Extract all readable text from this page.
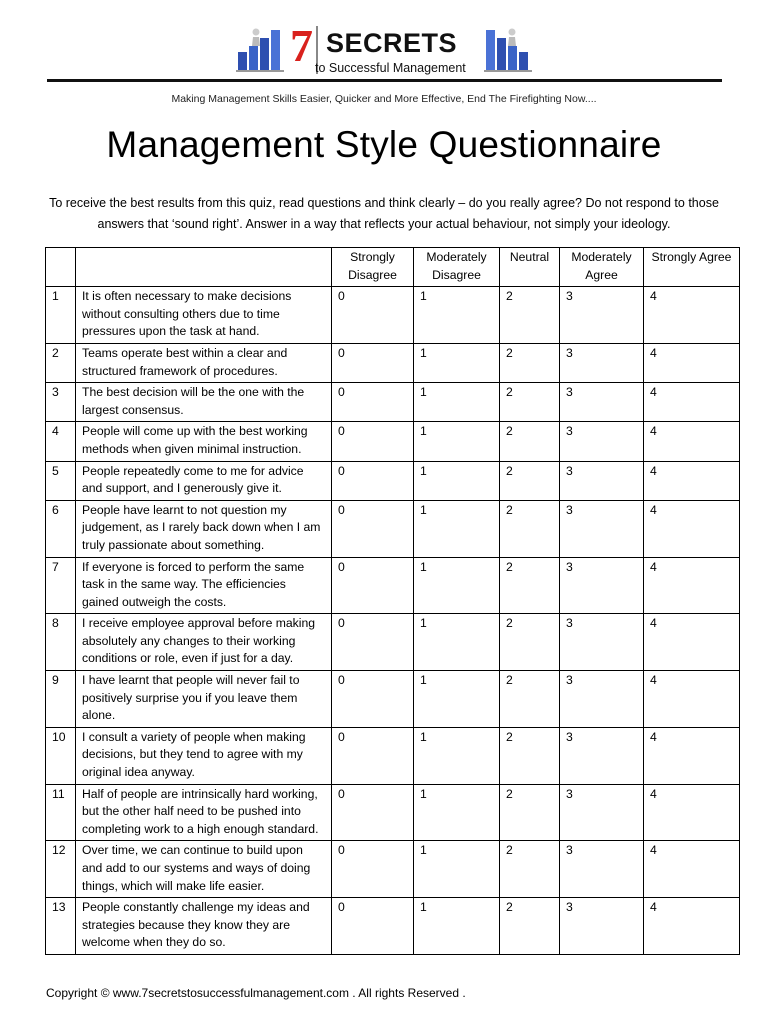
7 SECRETS
to Successful Management
Making Management Skills Easier, Quicker and More Effective, End The Firefighting Now....
Management Style Questionnaire
To receive the best results from this quiz, read questions and think clearly – do you really agree? Do not respond to those answers that ‘sound right’. Answer in a way that reflects your actual behaviour, not simply your ideology.
		Strongly Disagree	Moderately Disagree	Neutral	Moderately Agree	Strongly Agree
1	It is often necessary to make decisions without consulting others due to time pressures upon the task at hand.	0	1	2	3	4
2	Teams operate best within a clear and structured framework of procedures.	0	1	2	3	4
3	The best decision will be the one with the largest consensus.	0	1	2	3	4
4	People will come up with the best working methods when given minimal instruction.	0	1	2	3	4
5	People repeatedly come to me for advice and support, and I generously give it.	0	1	2	3	4
6	People have learnt to not question my judgement, as I rarely back down when I am truly passionate about something.	0	1	2	3	4
7	If everyone is forced to perform the same task in the same way. The efficiencies gained outweigh the costs.	0	1	2	3	4
8	I receive employee approval before making absolutely any changes to their working conditions or role, even if just for a day.	0	1	2	3	4
9	I have learnt that people will never fail to positively surprise you if you leave them alone.	0	1	2	3	4
10	I consult a variety of people when making decisions, but they tend to agree with my original idea anyway.	0	1	2	3	4
11	Half of people are intrinsically hard working, but the other half need to be pushed into completing work to a high enough standard.	0	1	2	3	4
12	Over time, we can continue to build upon and add to our systems and ways of doing things, which will make life easier.	0	1	2	3	4
13	People constantly challenge my ideas and strategies because they know they are welcome when they do so.	0	1	2	3	4
Copyright © www.7secretstosuccessfulmanagement.com . All rights Reserved .
